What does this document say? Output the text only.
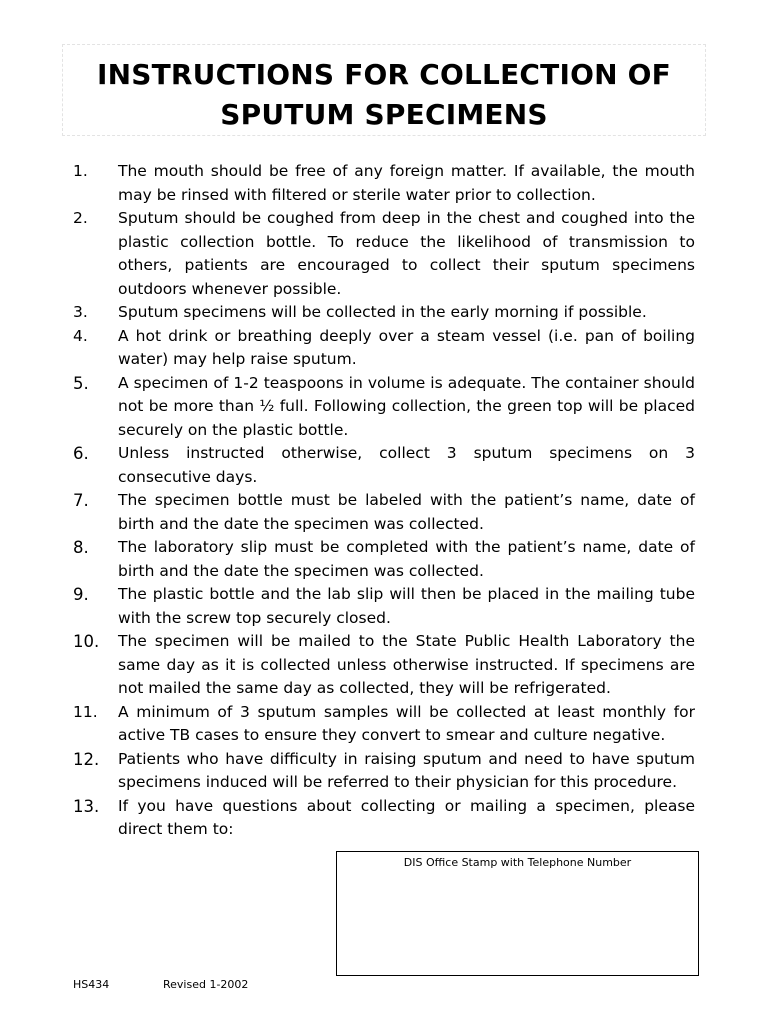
INSTRUCTIONS FOR COLLECTION OF
SPUTUM SPECIMENS
1.	The mouth should be free of any foreign matter. If available, the mouth may be rinsed with filtered or sterile water prior to collection.
2.	Sputum should be coughed from deep in the chest and coughed into the plastic collection bottle. To reduce the likelihood of transmission to others, patients are encouraged to collect their sputum specimens outdoors whenever possible.
3.	Sputum specimens will be collected in the early morning if possible.
4.	A hot drink or breathing deeply over a steam vessel (i.e. pan of boiling water) may help raise sputum.
5.	A specimen of 1-2 teaspoons in volume is adequate. The container should not be more than ½ full. Following collection, the green top will be placed securely on the plastic bottle.
6.	Unless instructed otherwise, collect 3 sputum specimens on 3 consecutive days.
7.	The specimen bottle must be labeled with the patient’s name, date of birth and the date the specimen was collected.
8.	The laboratory slip must be completed with the patient’s name, date of birth and the date the specimen was collected.
9.	The plastic bottle and the lab slip will then be placed in the mailing tube with the screw top securely closed.
10.	The specimen will be mailed to the State Public Health Laboratory the same day as it is collected unless otherwise instructed. If specimens are not mailed the same day as collected, they will be refrigerated.
11.	A minimum of 3 sputum samples will be collected at least monthly for active TB cases to ensure they convert to smear and culture negative.
12.	Patients who have difficulty in raising sputum and need to have sputum specimens induced will be referred to their physician for this procedure.
13.	If you have questions about collecting or mailing a specimen, please direct them to:
DIS Office Stamp with Telephone Number
HS434	Revised 1-2002
